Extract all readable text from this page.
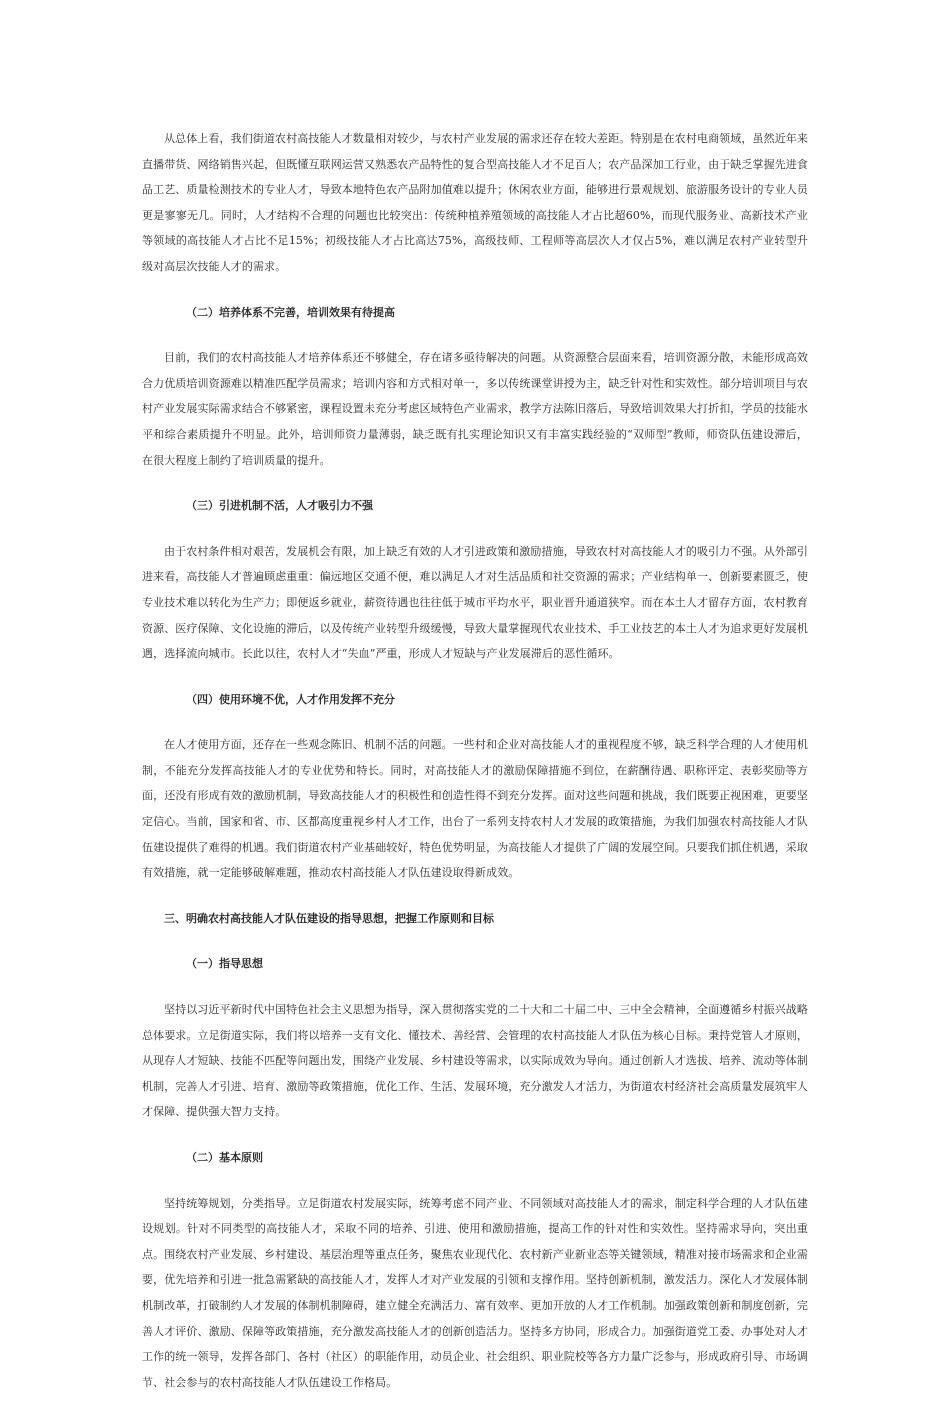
从总体上看，我们街道农村高技能人才数量相对较少，与农村产业发展的需求还存在较大差距。特别是在农村电商领域，虽然近年来直播带货、网络销售兴起，但既懂互联网运营又熟悉农产品特性的复合型高技能人才不足百人；农产品深加工行业，由于缺乏掌握先进食品工艺、质量检测技术的专业人才，导致本地特色农产品附加值难以提升；休闲农业方面，能够进行景观规划、旅游服务设计的专业人员更是寥寥无几。同时，人才结构不合理的问题也比较突出：传统种植养殖领域的高技能人才占比超60%，而现代服务业、高新技术产业等领域的高技能人才占比不足15%；初级技能人才占比高达75%，高级技师、工程师等高层次人才仅占5%，难以满足农村产业转型升级对高层次技能人才的需求。

（二）培养体系不完善，培训效果有待提高

目前，我们的农村高技能人才培养体系还不够健全，存在诸多亟待解决的问题。从资源整合层面来看，培训资源分散，未能形成高效合力优质培训资源难以精准匹配学员需求；培训内容和方式相对单一，多以传统课堂讲授为主，缺乏针对性和实效性。部分培训项目与农村产业发展实际需求结合不够紧密，课程设置未充分考虑区域特色产业需求，教学方法陈旧落后，导致培训效果大打折扣，学员的技能水平和综合素质提升不明显。此外，培训师资力量薄弱，缺乏既有扎实理论知识又有丰富实践经验的“双师型”教师，师资队伍建设滞后，在很大程度上制约了培训质量的提升。

（三）引进机制不活，人才吸引力不强

由于农村条件相对艰苦，发展机会有限，加上缺乏有效的人才引进政策和激励措施，导致农村对高技能人才的吸引力不强。从外部引进来看，高技能人才普遍顾虑重重：偏远地区交通不便，难以满足人才对生活品质和社交资源的需求；产业结构单一、创新要素匮乏，使专业技术难以转化为生产力；即便返乡就业，薪资待遇也往往低于城市平均水平，职业晋升通道狭窄。而在本土人才留存方面，农村教育资源、医疗保障、文化设施的滞后，以及传统产业转型升级缓慢，导致大量掌握现代农业技术、手工业技艺的本土人才为追求更好发展机遇，选择流向城市。长此以往，农村人才“失血”严重，形成人才短缺与产业发展滞后的恶性循环。

（四）使用环境不优，人才作用发挥不充分

在人才使用方面，还存在一些观念陈旧、机制不活的问题。一些村和企业对高技能人才的重视程度不够，缺乏科学合理的人才使用机制，不能充分发挥高技能人才的专业优势和特长。同时，对高技能人才的激励保障措施不到位，在薪酬待遇、职称评定、表彰奖励等方面，还没有形成有效的激励机制，导致高技能人才的积极性和创造性得不到充分发挥。面对这些问题和挑战，我们既要正视困难，更要坚定信心。当前，国家和省、市、区都高度重视乡村人才工作，出台了一系列支持农村人才发展的政策措施，为我们加强农村高技能人才队伍建设提供了难得的机遇。我们街道农村产业基础较好，特色优势明显，为高技能人才提供了广阔的发展空间。只要我们抓住机遇，采取有效措施，就一定能够破解难题，推动农村高技能人才队伍建设取得新成效。

三、明确农村高技能人才队伍建设的指导思想，把握工作原则和目标

（一）指导思想

坚持以习近平新时代中国特色社会主义思想为指导，深入贯彻落实党的二十大和二十届二中、三中全会精神，全面遵循乡村振兴战略总体要求。立足街道实际，我们将以培养一支有文化、懂技术、善经营、会管理的农村高技能人才队伍为核心目标。秉持党管人才原则，从现存人才短缺、技能不匹配等问题出发，围绕产业发展、乡村建设等需求，以实际成效为导向。通过创新人才选拔、培养、流动等体制机制，完善人才引进、培育、激励等政策措施，优化工作、生活、发展环境，充分激发人才活力，为街道农村经济社会高质量发展筑牢人才保障、提供强大智力支持。

（二）基本原则

坚持统筹规划，分类指导。立足街道农村发展实际，统筹考虑不同产业、不同领域对高技能人才的需求，制定科学合理的人才队伍建设规划。针对不同类型的高技能人才，采取不同的培养、引进、使用和激励措施，提高工作的针对性和实效性。坚持需求导向，突出重点。围绕农村产业发展、乡村建设、基层治理等重点任务，聚焦农业现代化、农村新产业新业态等关键领域，精准对接市场需求和企业需要，优先培养和引进一批急需紧缺的高技能人才，发挥人才对产业发展的引领和支撑作用。坚持创新机制，激发活力。深化人才发展体制机制改革，打破制约人才发展的体制机制障碍，建立健全充满活力、富有效率、更加开放的人才工作机制。加强政策创新和制度创新，完善人才评价、激励、保障等政策措施，充分激发高技能人才的创新创造活力。坚持多方协同，形成合力。加强街道党工委、办事处对人才工作的统一领导，发挥各部门、各村（社区）的职能作用，动员企业、社会组织、职业院校等各方力量广泛参与，形成政府引导、市场调节、社会参与的农村高技能人才队伍建设工作格局。
